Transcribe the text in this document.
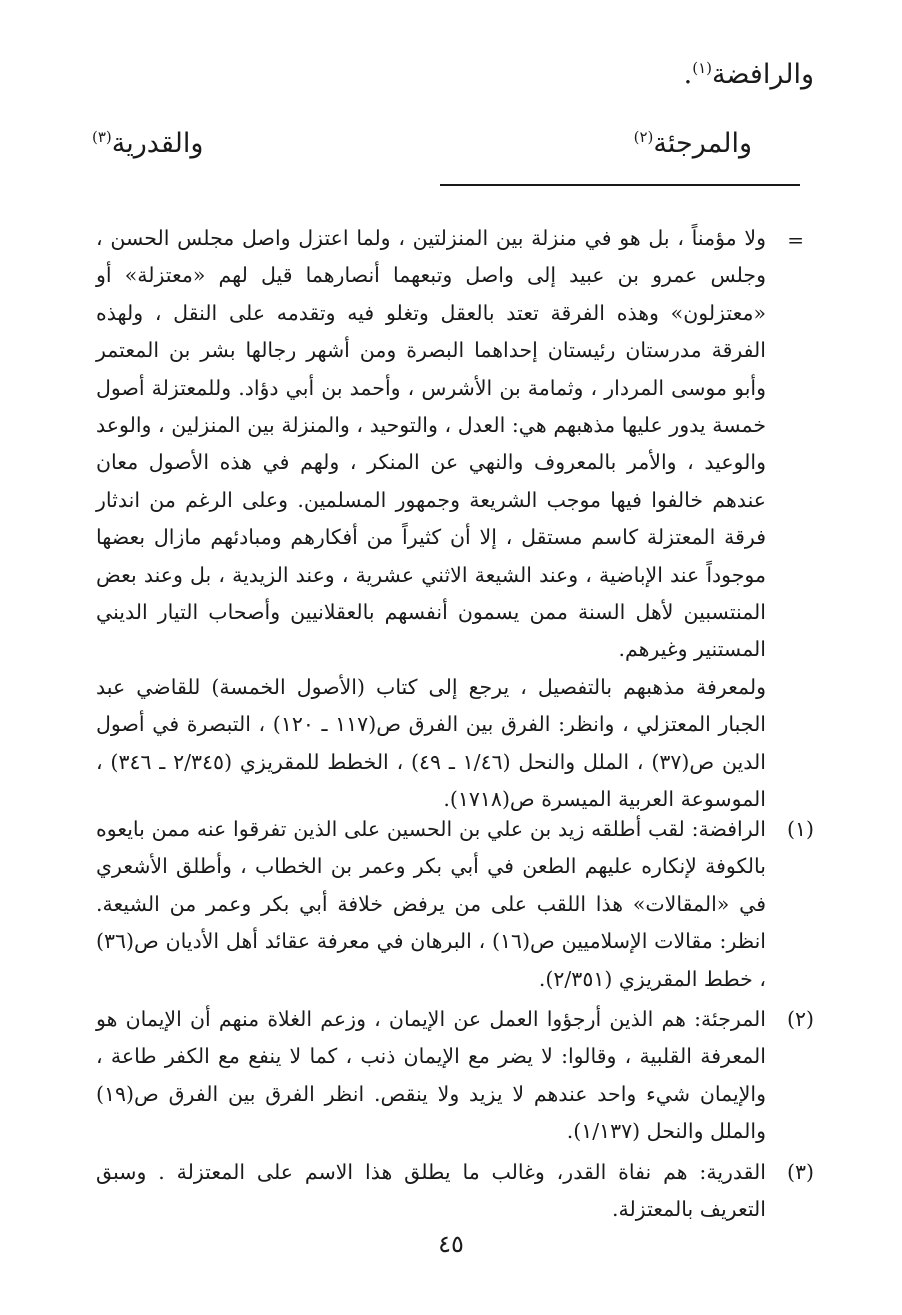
والرافضة$^{(١)}$.
والمرجئة$^{(٢)}$ والقدرية$^{(٣)}$
=

ولا مؤمناً ، بل هو في منزلة بين المنزلتين ، ولما اعتزل واصل مجلس الحسن ، وجلس عمرو بن عبيد إلى واصل وتبعهما أنصارهما قيل لهم «معتزلة» أو «معتزلون» وهذه الفرقة تعتد بالعقل وتغلو فيه وتقدمه على النقل ، ولهذه الفرقة مدرستان رئيستان إحداهما البصرة ومن أشهر رجالها بشر بن المعتمر وأبو موسى المردار ، وثمامة بن الأشرس ، وأحمد بن أبي دؤاد. وللمعتزلة أصول خمسة يدور عليها مذهبهم هي: العدل ، والتوحيد ، والمنزلة بين المنزلين ، والوعد والوعيد ، والأمر بالمعروف والنهي عن المنكر ، ولهم في هذه الأصول معان عندهم خالفوا فيها موجب الشريعة وجمهور المسلمين. وعلى الرغم من اندثار فرقة المعتزلة كاسم مستقل ، إلا أن كثيراً من أفكارهم ومبادئهم مازال بعضها موجوداً عند الإباضية ، وعند الشيعة الاثني عشرية ، وعند الزيدية ، بل وعند بعض المنتسبين لأهل السنة ممن يسمون أنفسهم بالعقلانيين وأصحاب التيار الديني المستنير وغيرهم.

ولمعرفة مذهبهم بالتفصيل ، يرجع إلى كتاب (الأصول الخمسة) للقاضي عبد الجبار المعتزلي ، وانظر: الفرق بين الفرق ص(١١٧ ـ ١٢٠) ، التبصرة في أصول الدين ص(٣٧) ، الملل والنحل (١/٤٦ ـ ٤٩) ، الخطط للمقريزي (٢/٣٤٥ ـ ٣٤٦) ، الموسوعة العربية الميسرة ص(١٧١٨).

(١)
الرافضة: لقب أطلقه زيد بن علي بن الحسين على الذين تفرقوا عنه ممن بايعوه بالكوفة لإنكاره عليهم الطعن في أبي بكر وعمر بن الخطاب ، وأطلق الأشعري في «المقالات» هذا اللقب على من يرفض خلافة أبي بكر وعمر من الشيعة. انظر: مقالات الإسلاميين ص(١٦) ، البرهان في معرفة عقائد أهل الأديان ص(٣٦) ، خطط المقريزي (٢/٣٥١).
(٢)
المرجئة: هم الذين أرجؤوا العمل عن الإيمان ، وزعم الغلاة منهم أن الإيمان هو المعرفة القلبية ، وقالوا: لا يضر مع الإيمان ذنب ، كما لا ينفع مع الكفر طاعة ، والإيمان شيء واحد عندهم لا يزيد ولا ينقص. انظر الفرق بين الفرق ص(١٩) والملل والنحل (١/١٣٧).
(٣)
القدرية: هم نفاة القدر، وغالب ما يطلق هذا الاسم على المعتزلة . وسبق التعريف بالمعتزلة.
٤٥
